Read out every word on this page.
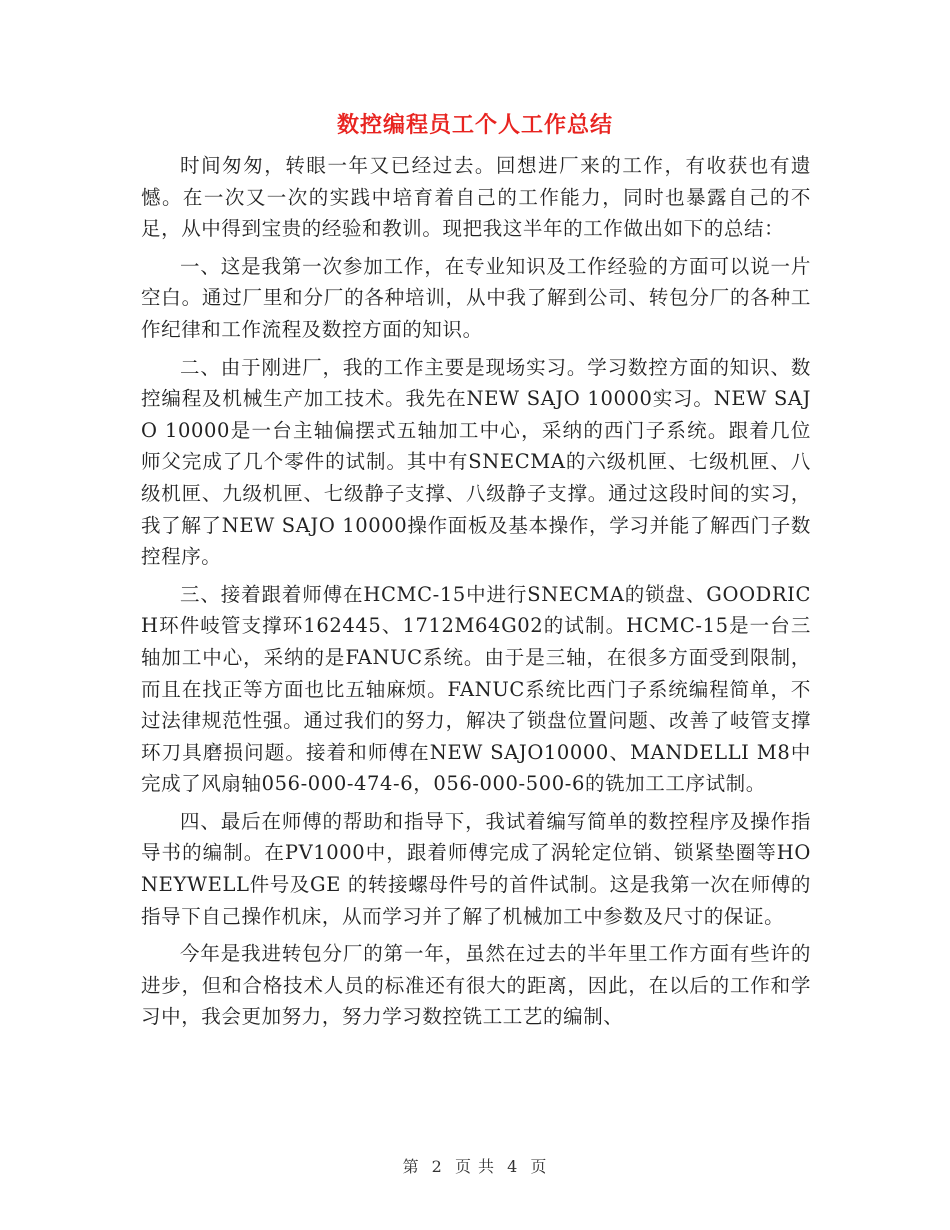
数控编程员工个人工作总结

时间匆匆，转眼一年又已经过去。回想进厂来的工作，有收获也有遗憾。在一次又一次的实践中培育着自己的工作能力，同时也暴露自己的不足，从中得到宝贵的经验和教训。现把我这半年的工作做出如下的总结：

一、这是我第一次参加工作，在专业知识及工作经验的方面可以说一片空白。通过厂里和分厂的各种培训，从中我了解到公司、转包分厂的各种工作纪律和工作流程及数控方面的知识。

二、由于刚进厂，我的工作主要是现场实习。学习数控方面的知识、数控编程及机械生产加工技术。我先在NEW SAJO 10000实习。NEW SAJO 10000是一台主轴偏摆式五轴加工中心，采纳的西门子系统。跟着几位师父完成了几个零件的试制。其中有SNECMA的六级机匣、七级机匣、八级机匣、九级机匣、七级静子支撑、八级静子支撑。通过这段时间的实习，我了解了NEW SAJO 10000操作面板及基本操作，学习并能了解西门子数控程序。

三、接着跟着师傅在HCMC-15中进行SNECMA的锁盘、GOODRICH环件岐管支撑环162445、1712M64G02的试制。HCMC-15是一台三轴加工中心，采纳的是FANUC系统。由于是三轴，在很多方面受到限制，而且在找正等方面也比五轴麻烦。FANUC系统比西门子系统编程简单，不过法律规范性强。通过我们的努力，解决了锁盘位置问题、改善了岐管支撑环刀具磨损问题。接着和师傅在NEW SAJO10000、MANDELLI M8中完成了风扇轴056-000-474-6，056-000-500-6的铣加工工序试制。

四、最后在师傅的帮助和指导下，我试着编写简单的数控程序及操作指导书的编制。在PV1000中，跟着师傅完成了涡轮定位销、锁紧垫圈等HONEYWELL件号及GE 的转接螺母件号的首件试制。这是我第一次在师傅的指导下自己操作机床，从而学习并了解了机械加工中参数及尺寸的保证。

今年是我进转包分厂的第一年，虽然在过去的半年里工作方面有些许的进步，但和合格技术人员的标准还有很大的距离，因此，在以后的工作和学习中，我会更加努力，努力学习数控铣工工艺的编制、

第 2 页 共 4 页
